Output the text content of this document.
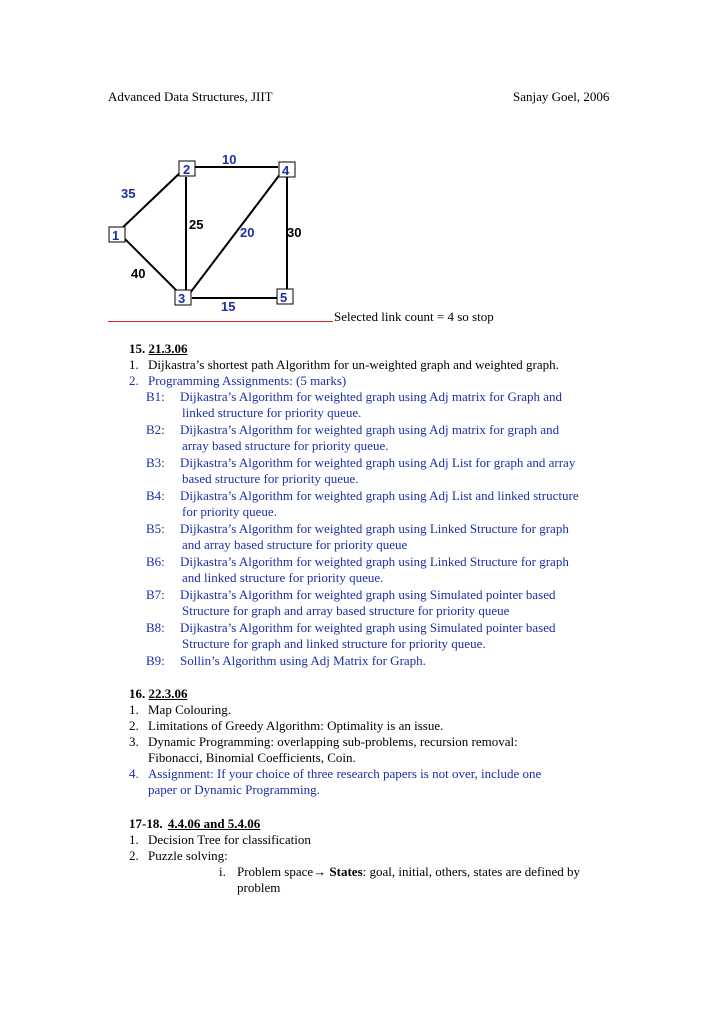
Advanced Data Structures, JIIT	Sanjay Goel, 2006
1
2
3
4
5
10
35
25
20	30
40
15
Selected link count = 4 so stop
15. 21.3.06
1. Dijkastra’s shortest path Algorithm for un-weighted graph and weighted graph.
2. Programming Assignments: (5 marks)
B1: Dijkastra’s Algorithm for weighted graph using Adj matrix for Graph and
linked structure for priority queue.
B2: Dijkastra’s Algorithm for weighted graph using Adj matrix for graph and
array based structure for priority queue.
B3: Dijkastra’s Algorithm for weighted graph using Adj List for graph and array
based structure for priority queue.
B4: Dijkastra’s Algorithm for weighted graph using Adj List and linked structure
for priority queue.
B5: Dijkastra’s Algorithm for weighted graph using Linked Structure for graph
and array based structure for priority queue
B6: Dijkastra’s Algorithm for weighted graph using Linked Structure for graph
and linked structure for priority queue.
B7: Dijkastra’s Algorithm for weighted graph using Simulated pointer based
Structure for graph and array based structure for priority queue
B8: Dijkastra’s Algorithm for weighted graph using Simulated pointer based
Structure for graph and linked structure for priority queue.
B9: Sollin’s Algorithm using Adj Matrix for Graph.
16. 22.3.06
1. Map Colouring.
2. Limitations of Greedy Algorithm: Optimality is an issue.
3. Dynamic Programming: overlapping sub-problems, recursion removal:
Fibonacci, Binomial Coefficients, Coin.
4. Assignment: If your choice of three research papers is not over, include one
paper or Dynamic Programming.
17-18. 4.4.06 and 5.4.06
1. Decision Tree for classification
2. Puzzle solving:
i. Problem space→ States: goal, initial, others, states are defined by
problem
